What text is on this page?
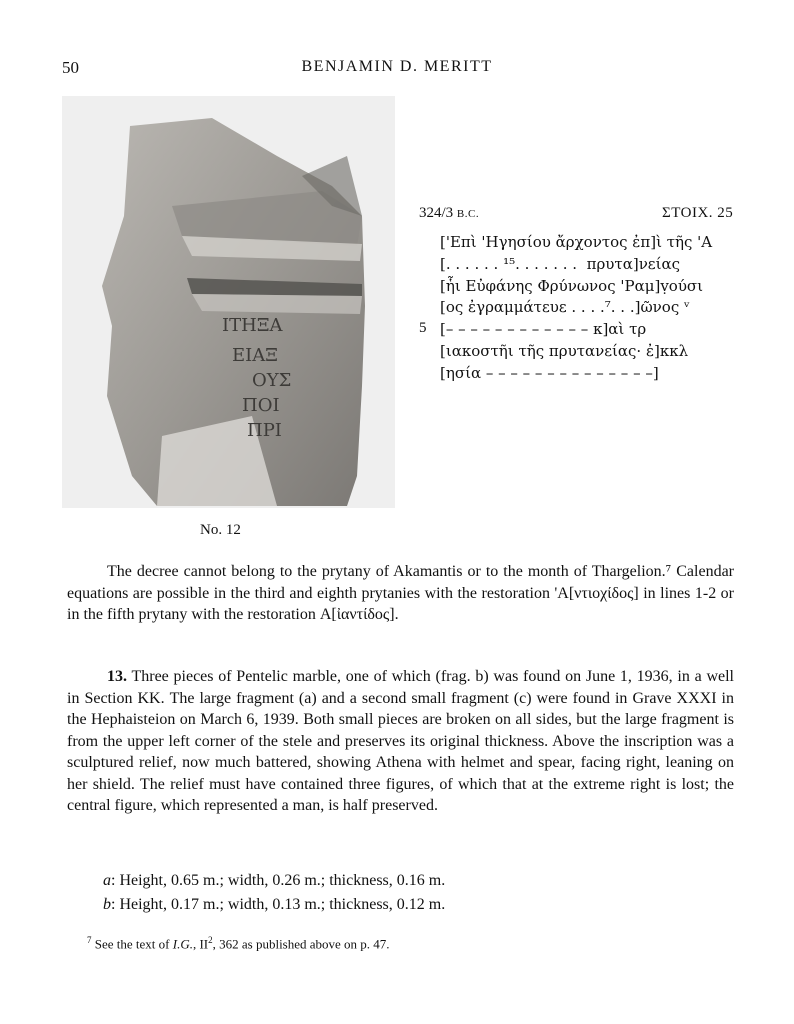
50	BENJAMIN D. MERITT
ΙΤΗΞΑ
ΕΙΑΞ
ΟΥΣ
ΠΟΙ
ΠΡΙ
No. 12
324/3 B.C.	ΣΤΟΙΧ. 25
['Επὶ 'Ηγησίου ἄρχοντος ἐπ]ὶ τῆς 'Α
[. . . . . . ¹⁵. . . . . . .  πρυτα]νείας
[ἧι Εὐφάνης Φρύνωνος 'Ραμ]ṿούσι
[ος ἐγραμμάτευε . . . .⁷. . .]ῶνος ᵛ
5 [– – – – – – – – – – – – κ]αὶ τρ
[ιακοστῆι τῆς πρυτανείας· ἐ]κκλ
[ησία – – – – – – – – – – – – – –]

The decree cannot belong to the prytany of Akamantis or to the month of Thargelion.⁷ Calendar equations are possible in the third and eighth prytanies with the restoration 'Α[ντιοχίδος] in lines 1-2 or in the fifth prytany with the restoration Α[ἰαντίδος].

13. Three pieces of Pentelic marble, one of which (frag. b) was found on June 1, 1936, in a well in Section ΚΚ. The large fragment (a) and a second small fragment (c) were found in Grave XXXI in the Hephaisteion on March 6, 1939. Both small pieces are broken on all sides, but the large fragment is from the upper left corner of the stele and preserves its original thickness. Above the inscription was a sculptured relief, now much battered, showing Athena with helmet and spear, facing right, leaning on her shield. The relief must have contained three figures, of which that at the extreme right is lost; the central figure, which represented a man, is half preserved.

a: Height, 0.65 m.; width, 0.26 m.; thickness, 0.16 m.
b: Height, 0.17 m.; width, 0.13 m.; thickness, 0.12 m.
$^7$ See the text of I.G., $II^2$, 362 as published above on p. 47.
